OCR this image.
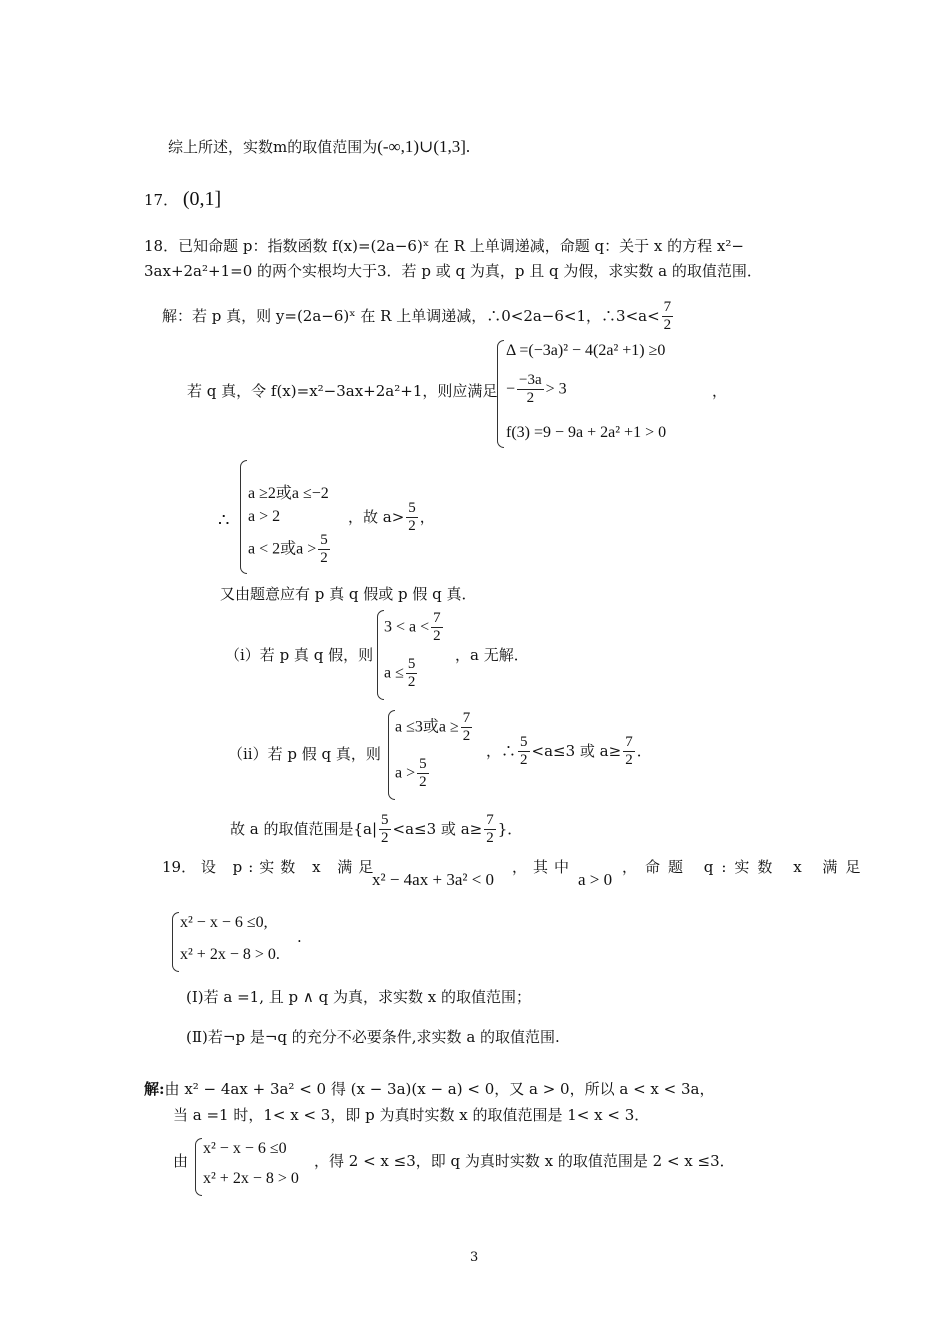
综上所述，实数m的取值范围为(-∞,1)∪(1,3].
17． (0,1]
18．已知命题 p：指数函数 f(x)=(2a−6)ˣ 在 R 上单调递减，命题 q：关于 x 的方程 x²−
3ax+2a²+1=0 的两个实根均大于3．若 p 或 q 为真，p 且 q 为假，求实数 a 的取值范围．
解：若 p 真，则 y=(2a−6)ˣ 在 R 上单调递减，∴0<2a−6<1，∴3<a< $\frac{7}{2}$
若 q 真，令 f(x)=x²−3ax+2a²+1，则应满足
Δ =(−3a)² − 4(2a² +1) ≥0
− $\frac{-3a}{2} > 3$
f(3) =9 − 9a + 2a² +1 > 0
，
∴
a ≥2或a ≤−2
a > 2
a < 2或$a > \frac{5}{2}$
，故 $a> \frac{5}{2}$ ，
又由题意应有 p 真 q 假或 p 假 q 真．
（i）若 p 真 q 假，则
$3 < a < \frac{7}{2}$
$a \le \frac{5}{2}$
，a 无解．
（ii）若 p 假 q 真，则
a ≤3或$a \ge \frac{7}{2}$
$a > \frac{5}{2}$
，∴ $\frac{5}{2} <a\le 3$ 或 $a\ge \frac{7}{2}$ ．
故 a 的取值范围是{$a| \frac{5}{2} <a\le 3$ 或 $a\ge \frac{7}{2}$ }．
19． 设 p:实数 x 满足
x² − 4ax + 3a² < 0
，其中
a > 0
，命题 q:实数 x 满足
x² − x − 6 ≤0,
x² + 2x − 8 > 0.
.
(Ⅰ)若 a =1, 且 p ∧ q 为真，求实数 x 的取值范围；
(Ⅱ)若¬p 是¬q 的充分不必要条件,求实数 a 的取值范围.
解:由 x² − 4ax + 3a² < 0 得 (x − 3a)(x − a) < 0，又 a > 0，所以 a < x < 3a，
当 a =1 时，1< x < 3，即 p 为真时实数 x 的取值范围是 1< x < 3．
由
x² − x − 6 ≤0
x² + 2x − 8 > 0
，得 2 < x ≤3，即 q 为真时实数 x 的取值范围是 2 < x ≤3．
3
